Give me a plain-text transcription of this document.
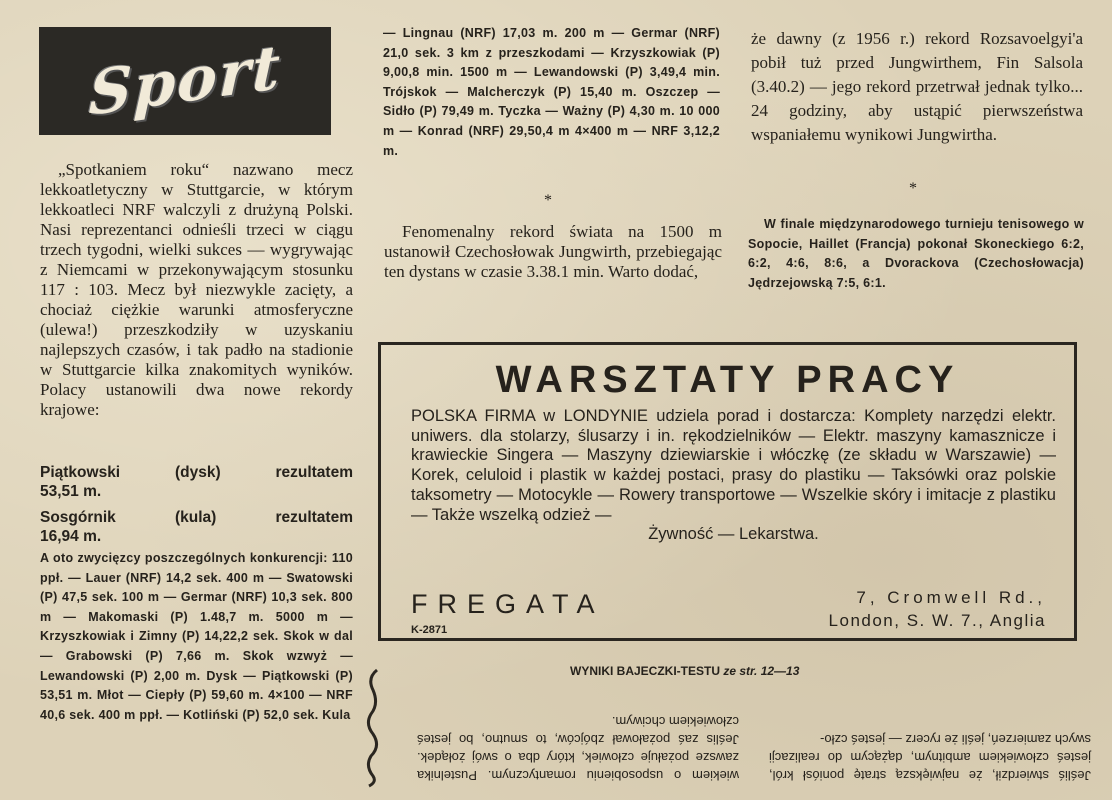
Sport
„Spotkaniem roku“ nazwano mecz lekkoatletyczny w Stuttgarcie, w którym lekkoatleci NRF walczyli z drużyną Polski. Nasi reprezentanci odnieśli trzeci w ciągu trzech tygodni, wielki sukces — wygrywając z Niemcami w przekonywającym stosunku 117 : 103. Mecz był niezwykle zacięty, a chociaż ciężkie warunki atmosferyczne (ulewa!) przeszkodziły w uzyskaniu najlepszych czasów, i tak padło na stadionie w Stuttgarcie kilka znakomitych wyników. Polacy ustanowili dwa nowe rekordy krajowe:
Piątkowski	(dysk)	rezultatem
53,51 m.
Sosgórnik	(kula)	rezultatem
16,94 m.
A oto zwycięzcy poszczególnych konkurencji: 110 ppł. — Lauer (NRF) 14,2 sek. 400 m — Swatowski (P) 47,5 sek. 100 m — Germar (NRF) 10,3 sek. 800 m — Makomaski (P) 1.48,7 m. 5000 m — Krzyszkowiak i Zimny (P) 14,22,2 sek. Skok w dal — Grabowski (P) 7,66 m. Skok wzwyż — Lewandowski (P) 2,00 m. Dysk — Piątkowski (P) 53,51 m. Młot — Ciepły (P) 59,60 m. 4×100 — NRF 40,6 sek. 400 m ppł. — Kotliński (P) 52,0 sek. Kula
— Lingnau (NRF) 17,03 m. 200 m — Germar (NRF) 21,0 sek. 3 km z przeszkodami — Krzyszkowiak (P) 9,00,8 min. 1500 m — Lewandowski (P) 3,49,4 min. Trójskok — Malcherczyk (P) 15,40 m. Oszczep — Sidło (P) 79,49 m. Tyczka — Ważny (P) 4,30 m. 10 000 m — Konrad (NRF) 29,50,4 m 4×400 m — NRF 3,12,2 m.
*
Fenomenalny rekord świata na 1500 m ustanowił Czechosłowak Jungwirth, przebiegając ten dystans w czasie 3.38.1 min. Warto dodać,
że dawny (z 1956 r.) rekord Rozsavoelgyi'a pobił tuż przed Jungwirthem, Fin Salsola (3.40.2) — jego rekord przetrwał jednak tylko... 24 godziny, aby ustąpić pierwszeństwa wspaniałemu wynikowi Jungwirtha.
*
W finale międzynarodowego turnieju tenisowego w Sopocie, Haillet (Francja) pokonał Skoneckiego 6:2, 6:2, 4:6, 8:6, a Dvorackova (Czechosłowacja) Jędrzejowską 7:5, 6:1.
WARSZTATY PRACY
POLSKA FIRMA w LONDYNIE udziela porad i dostarcza: Komplety narzędzi elektr. uniwers. dla stolarzy, ślusarzy i in. rękodzielników — Elektr. maszyny kamasznicze i krawieckie Singera — Maszyny dziewiarskie i włóczkę (ze składu w Warszawie) — Korek, celuloid i plastik w każdej postaci, prasy do plastiku — Taksówki oraz polskie taksometry — Motocykle — Rowery transportowe — Wszelkie skóry i imitacje z plastiku — Także wszelką odzież —
Żywność — Lekarstwa.
FREGATA
K-2871
7, Cromwell Rd.,
London, S. W. 7., Anglia
WYNIKI BAJECZKI-TESTU ze str. 12—13
Jeśliś stwierdził, że największą stratę poniósł król, jesteś człowiekiem ambitnym, dążącym do realizacji swych zamierzeń, jeśli że rycerz — jesteś czło-
wiekiem o usposobieniu romantycznym. Pustelnika zawsze pożałuje człowiek, który dba o swój żołądek. Jeślis zaś pożałował zbójców, to smutno, bo jesteś człowiekiem chciwym.
